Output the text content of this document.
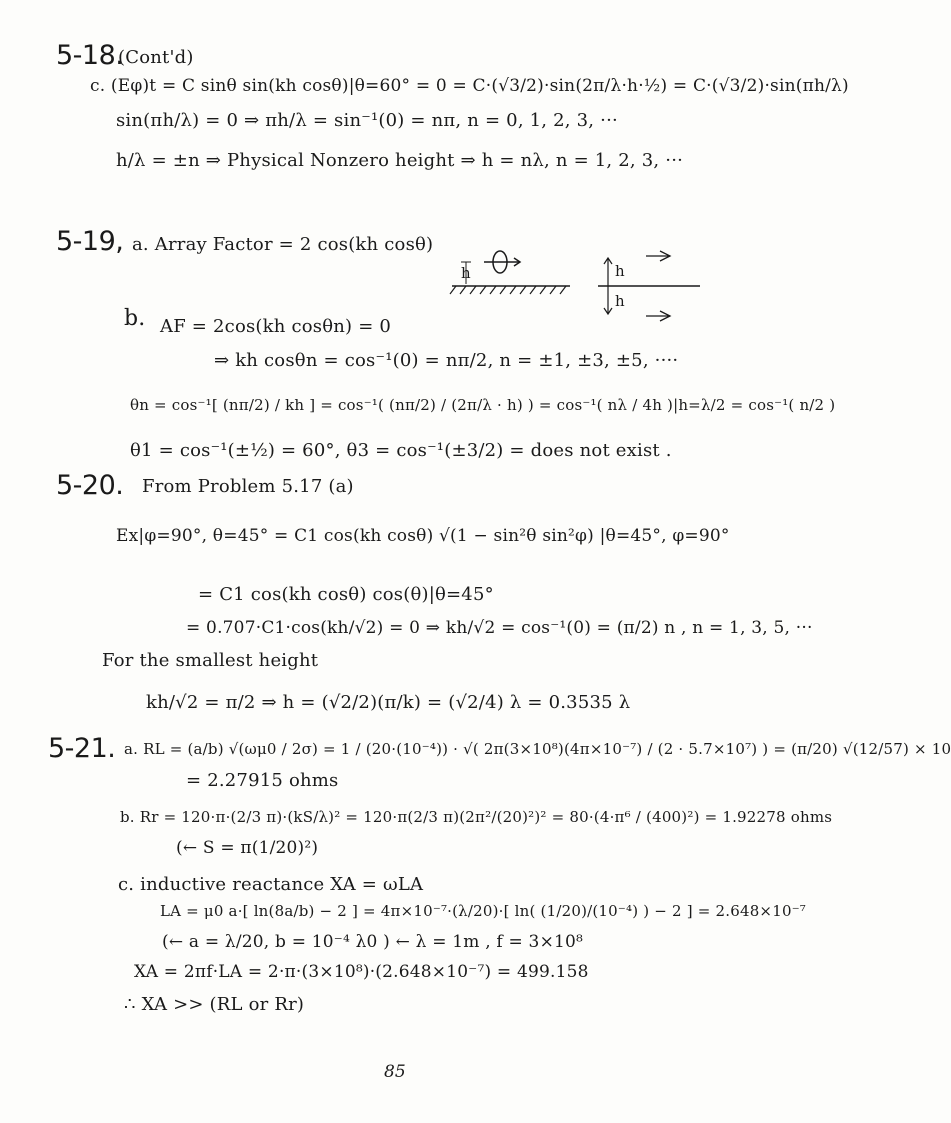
5-18.
(Cont'd)
c. (Eφ)t = C sinθ sin(kh cosθ)|θ=60° = 0 = C·(√3/2)·sin(2π/λ·h·½) = C·(√3/2)·sin(πh/λ)
sin(πh/λ) = 0 ⇒ πh/λ = sin⁻¹(0) = nπ, n = 0, 1, 2, 3, ···
h/λ = ±n ⇒ Physical Nonzero height ⇒ h = nλ, n = 1, 2, 3, ···
5-19, a. Array Factor = 2 cos(kh cosθ)
h	h
h
b. AF = 2cos(kh cosθn) = 0
⇒ kh cosθn = cos⁻¹(0) = nπ/2, n = ±1, ±3, ±5, ····
θn = cos⁻¹[ (nπ/2) / kh ] = cos⁻¹( (nπ/2) / (2π/λ · h) ) = cos⁻¹( nλ / 4h )|h=λ/2 = cos⁻¹( n/2 )
θ1 = cos⁻¹(±½) = 60°, θ3 = cos⁻¹(±3/2) = does not exist .
5-20. From Problem 5.17 (a)
Ex|φ=90°, θ=45° = C1 cos(kh cosθ) √(1 − sin²θ sin²φ) |θ=45°, φ=90°
= C1 cos(kh cosθ) cos(θ)|θ=45°
= 0.707·C1·cos(kh/√2) = 0 ⇒ kh/√2 = cos⁻¹(0) = (π/2) n , n = 1, 3, 5, ···
For the smallest height
kh/√2 = π/2 ⇒ h = (√2/2)(π/k) = (√2/4) λ = 0.3535 λ
5-21. a. RL = (a/b) √(ωμ0 / 2σ) = 1 / (20·(10⁻⁴)) · √( 2π(3×10⁸)(4π×10⁻⁷) / (2 · 5.7×10⁷) ) = (π/20) √(12/57) × 10
= 2.27915 ohms
b. Rr = 120·π·(2/3 π)·(kS/λ)² = 120·π(2/3 π)(2π²/(20)²)² = 80·(4·π⁶ / (400)²) = 1.92278 ohms
(← S = π(1/20)²)
c. inductive reactance XA = ωLA
LA = μ0 a·[ ln(8a/b) − 2 ] = 4π×10⁻⁷·(λ/20)·[ ln( (1/20)/(10⁻⁴) ) − 2 ] = 2.648×10⁻⁷
(← a = λ/20, b = 10⁻⁴ λ0 ) ← λ = 1m , f = 3×10⁸
XA = 2πf·LA = 2·π·(3×10⁸)·(2.648×10⁻⁷) = 499.158
∴ XA >> (RL or Rr)
85
